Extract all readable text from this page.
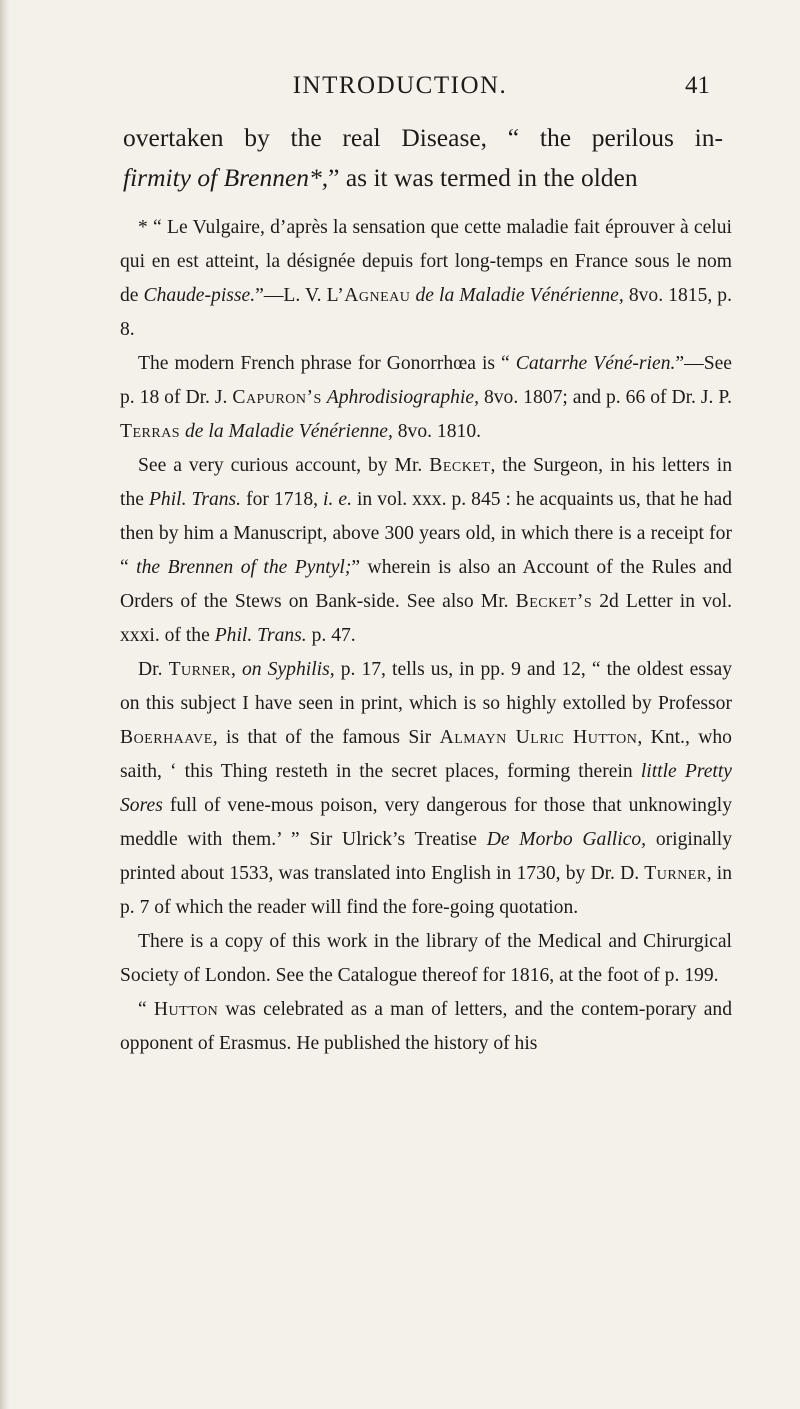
INTRODUCTION.	41

overtaken by the real Disease, “ the perilous in-

firmity of Brennen*,” as it was termed in the olden

* “ Le Vulgaire, d’après la sensation que cette maladie fait éprouver à celui qui en est atteint, la désignée depuis fort long-temps en France sous le nom de Chaude-pisse.”—L. V. L’Agneau de la Maladie Vénérienne, 8vo. 1815, p. 8.

The modern French phrase for Gonorrhœa is “ Catarrhe Véné-rien.”—See p. 18 of Dr. J. Capuron’s Aphrodisiographie, 8vo. 1807; and p. 66 of Dr. J. P. Terras de la Maladie Vénérienne, 8vo. 1810.

See a very curious account, by Mr. Becket, the Surgeon, in his letters in the Phil. Trans. for 1718, i. e. in vol. xxx. p. 845 : he acquaints us, that he had then by him a Manuscript, above 300 years old, in which there is a receipt for “ the Brennen of the Pyntyl;” wherein is also an Account of the Rules and Orders of the Stews on Bank-side. See also Mr. Becket’s 2d Letter in vol. xxxi. of the Phil. Trans. p. 47.

Dr. Turner, on Syphilis, p. 17, tells us, in pp. 9 and 12, “ the oldest essay on this subject I have seen in print, which is so highly extolled by Professor Boerhaave, is that of the famous Sir Almayn Ulric Hutton, Knt., who saith, ‘ this Thing resteth in the secret places, forming therein little Pretty Sores full of vene-mous poison, very dangerous for those that unknowingly meddle with them.’ ” Sir Ulrick’s Treatise De Morbo Gallico, originally printed about 1533, was translated into English in 1730, by Dr. D. Turner, in p. 7 of which the reader will find the fore-going quotation.

There is a copy of this work in the library of the Medical and Chirurgical Society of London. See the Catalogue thereof for 1816, at the foot of p. 199.

“ Hutton was celebrated as a man of letters, and the contem-porary and opponent of Erasmus. He published the history of his
